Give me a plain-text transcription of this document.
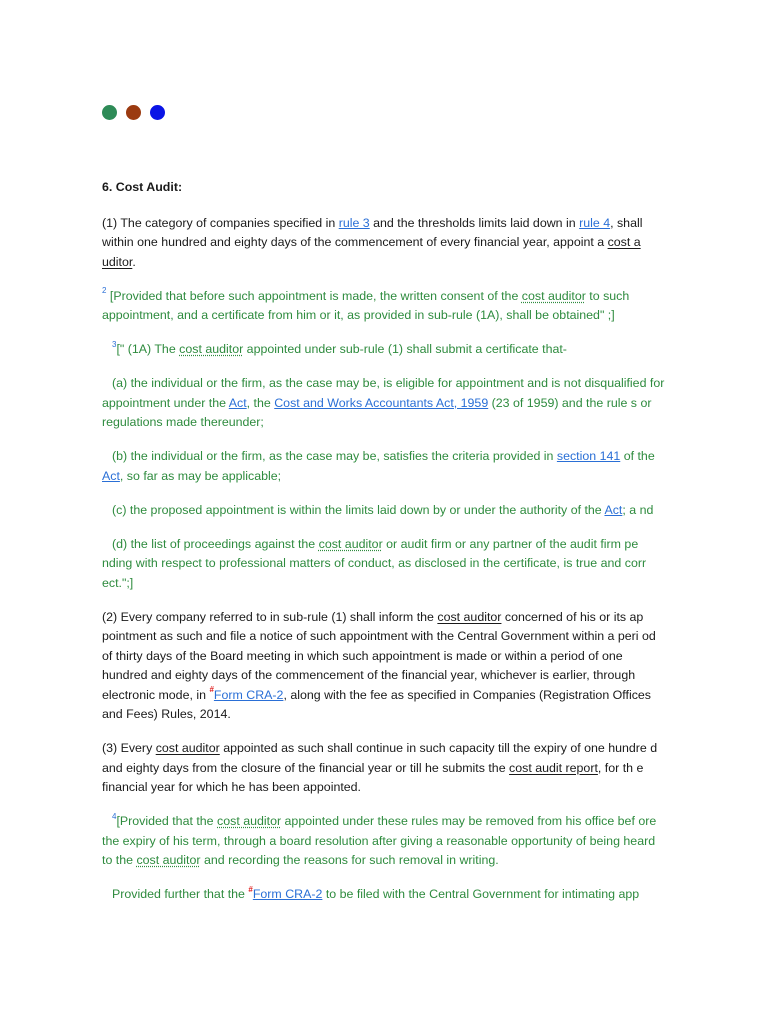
6. Cost Audit:

(1) The category of companies specified in rule 3 and the thresholds limits laid down in rule 4, shall within one hundred and eighty days of the commencement of every financial year, appoint a cost a uditor.

$^2$ [Provided that before such appointment is made, the written consent of the cost auditor to such appointment, and a certificate from him or it, as provided in sub-rule (1A), shall be obtained" ;]

$^3$[" (1A) The cost auditor appointed under sub-rule (1) shall submit a certificate that-

(a) the individual or the firm, as the case may be, is eligible for appointment and is not disqualified for appointment under the Act, the Cost and Works Accountants Act, 1959 (23 of 1959) and the rule s or regulations made thereunder;

(b) the individual or the firm, as the case may be, satisfies the criteria provided in section 141 of the Act, so far as may be applicable;

(c) the proposed appointment is within the limits laid down by or under the authority of the Act; a nd

(d) the list of proceedings against the cost auditor or audit firm or any partner of the audit firm pe nding with respect to professional matters of conduct, as disclosed in the certificate, is true and corr ect.";]

(2) Every company referred to in sub-rule (1) shall inform the cost auditor concerned of his or its ap pointment as such and file a notice of such appointment with the Central Government within a peri od of thirty days of the Board meeting in which such appointment is made or within a period of one hundred and eighty days of the commencement of the financial year, whichever is earlier, through electronic mode, in #Form CRA-2, along with the fee as specified in Companies (Registration Offices and Fees) Rules, 2014.

(3) Every cost auditor appointed as such shall continue in such capacity till the expiry of one hundre d and eighty days from the closure of the financial year or till he submits the cost audit report, for th e financial year for which he has been appointed.

$^4$[Provided that the cost auditor appointed under these rules may be removed from his office bef ore the expiry of his term, through a board resolution after giving a reasonable opportunity of being heard to the cost auditor and recording the reasons for such removal in writing.

Provided further that the #Form CRA-2 to be filed with the Central Government for intimating app
